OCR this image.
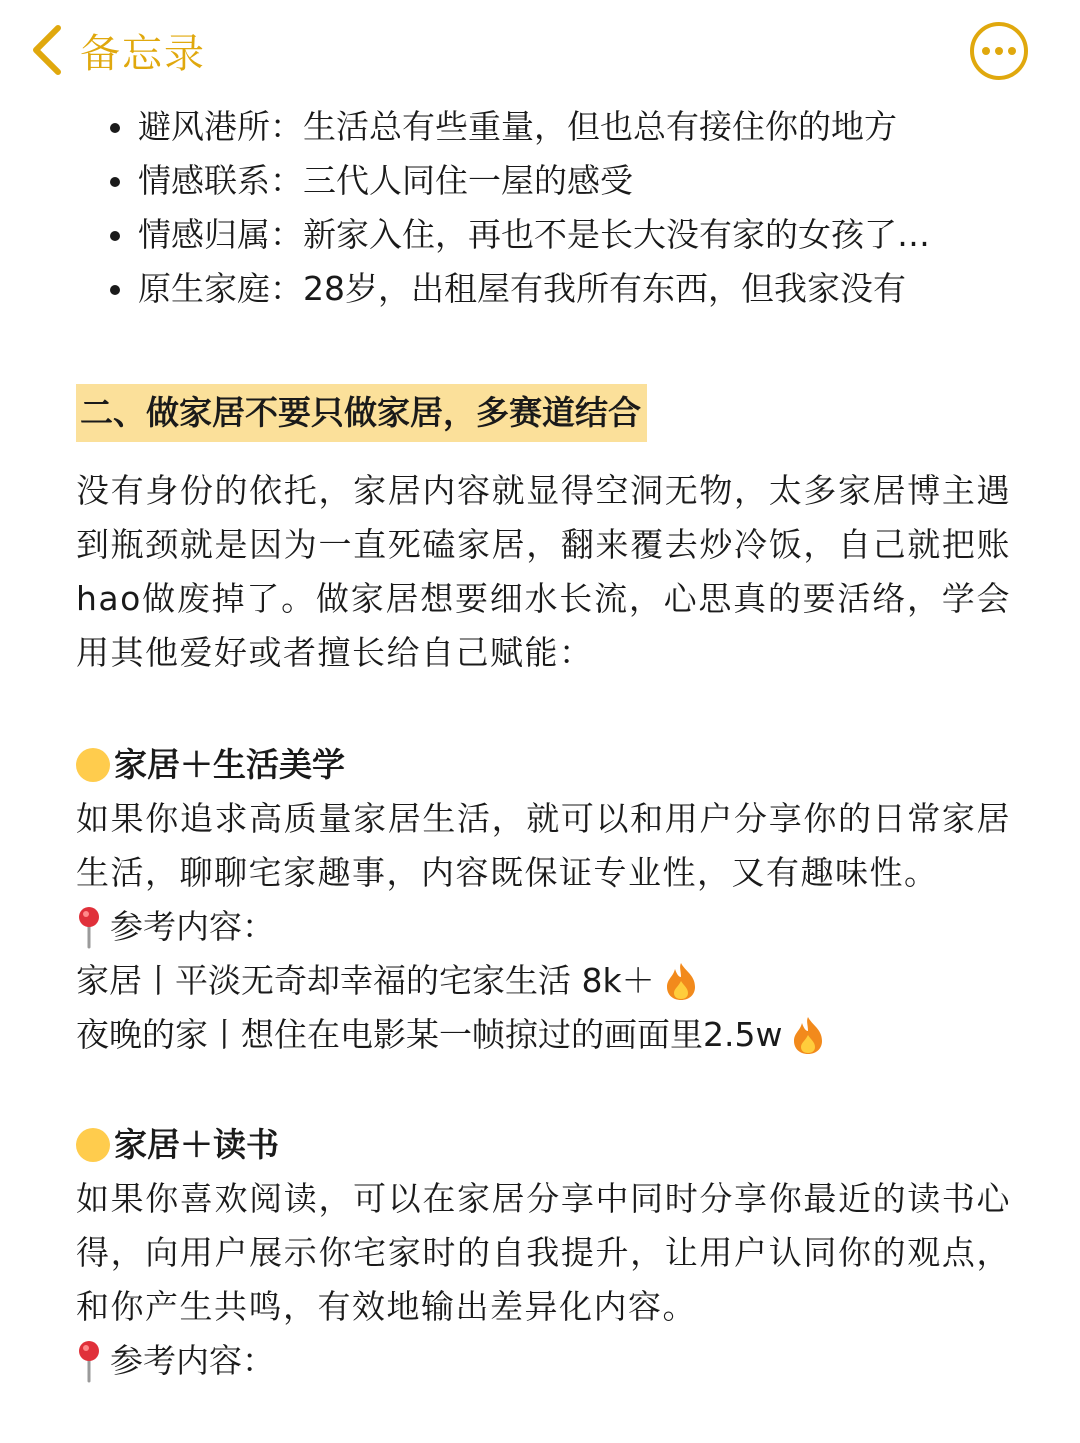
备忘录
避风港所：生活总有些重量，但也总有接住你的地方
情感联系：三代人同住一屋的感受
情感归属：新家入住，再也不是长大没有家的女孩了…
原生家庭：28岁，出租屋有我所有东西，但我家没有
二、做家居不要只做家居，多赛道结合

没有身份的依托，家居内容就显得空洞无物，太多家居博主遇到瓶颈就是因为一直死磕家居，翻来覆去炒冷饭，自己就把账hao做废掉了。做家居想要细水长流，心思真的要活络，学会用其他爱好或者擅长给自己赋能：

家居＋生活美学

如果你追求高质量家居生活，就可以和用户分享你的日常家居生活，聊聊宅家趣事，内容既保证专业性，又有趣味性。

参考内容：
家居丨平淡无奇却幸福的宅家生活 8k＋
夜晚的家丨想住在电影某一帧掠过的画面里2.5w
家居＋读书

如果你喜欢阅读，可以在家居分享中同时分享你最近的读书心得，向用户展示你宅家时的自我提升，让用户认同你的观点，和你产生共鸣，有效地输出差异化内容。

参考内容：
